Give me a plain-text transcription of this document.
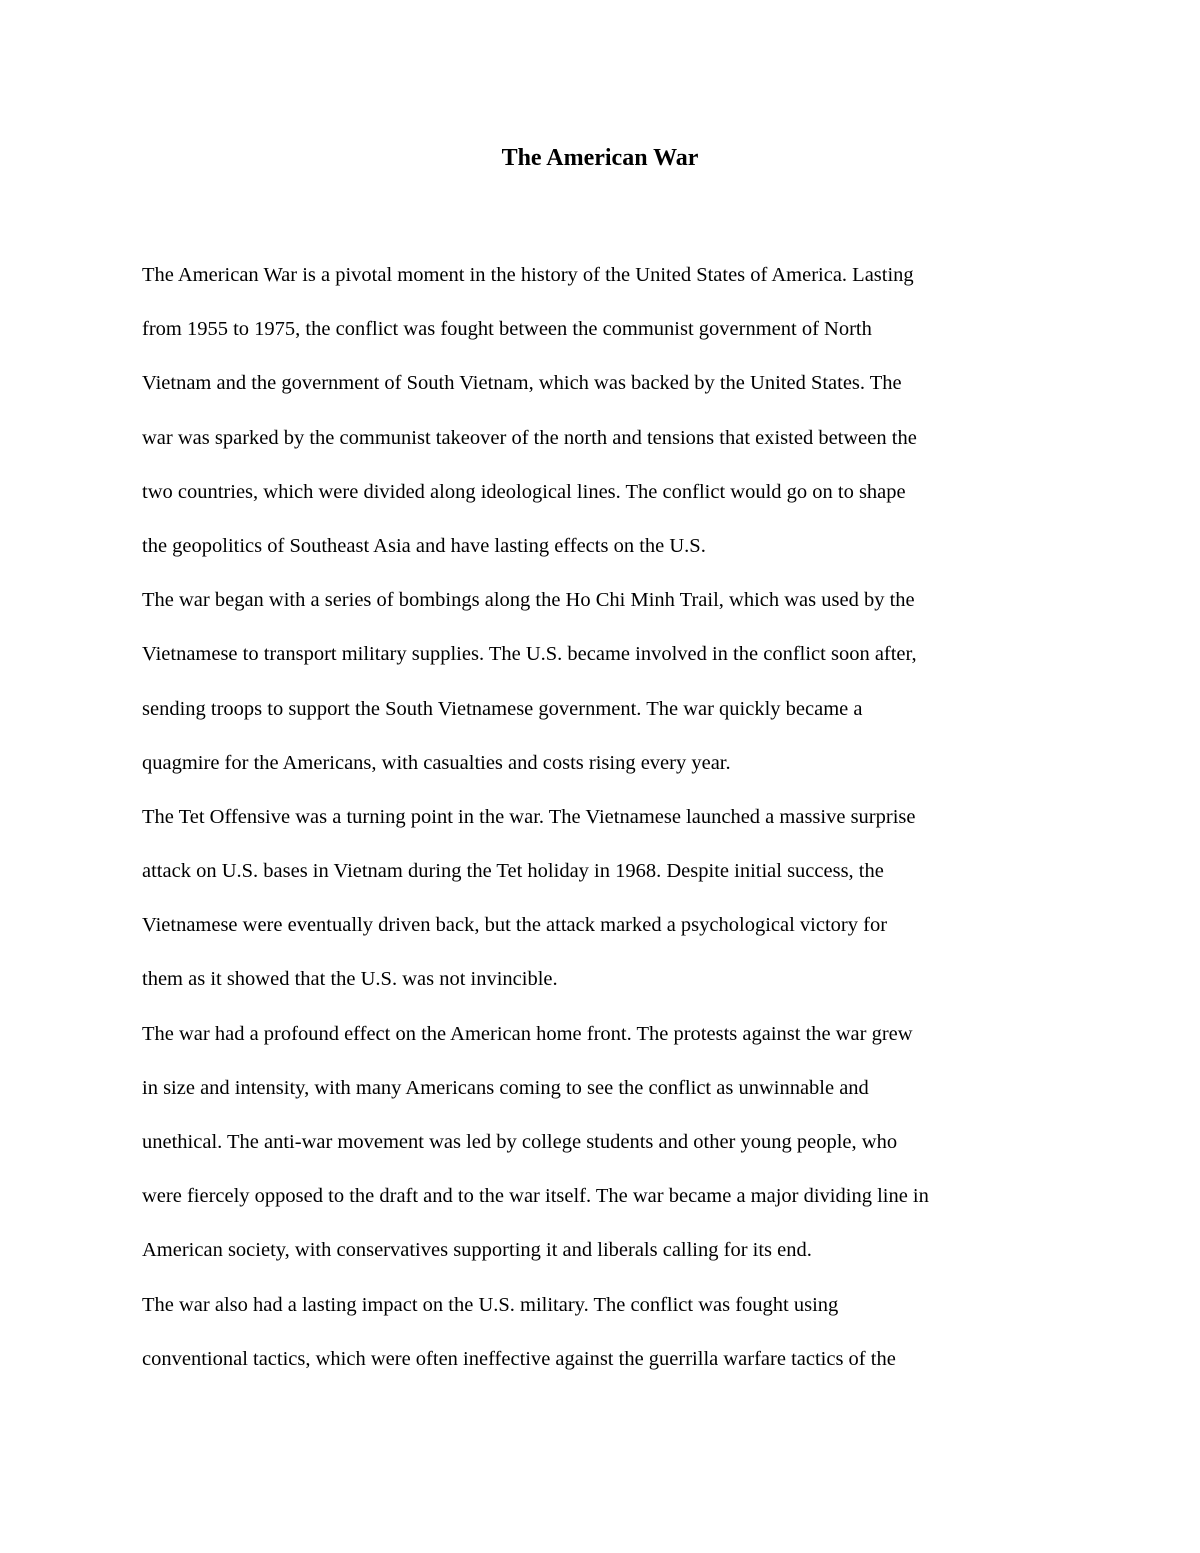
The American War
The American War is a pivotal moment in the history of the United States of America. Lasting
from 1955 to 1975, the conflict was fought between the communist government of North
Vietnam and the government of South Vietnam, which was backed by the United States. The
war was sparked by the communist takeover of the north and tensions that existed between the
two countries, which were divided along ideological lines. The conflict would go on to shape
the geopolitics of Southeast Asia and have lasting effects on the U.S.
The war began with a series of bombings along the Ho Chi Minh Trail, which was used by the
Vietnamese to transport military supplies. The U.S. became involved in the conflict soon after,
sending troops to support the South Vietnamese government. The war quickly became a
quagmire for the Americans, with casualties and costs rising every year.
The Tet Offensive was a turning point in the war. The Vietnamese launched a massive surprise
attack on U.S. bases in Vietnam during the Tet holiday in 1968. Despite initial success, the
Vietnamese were eventually driven back, but the attack marked a psychological victory for
them as it showed that the U.S. was not invincible.
The war had a profound effect on the American home front. The protests against the war grew
in size and intensity, with many Americans coming to see the conflict as unwinnable and
unethical. The anti-war movement was led by college students and other young people, who
were fiercely opposed to the draft and to the war itself. The war became a major dividing line in
American society, with conservatives supporting it and liberals calling for its end.
The war also had a lasting impact on the U.S. military. The conflict was fought using
conventional tactics, which were often ineffective against the guerrilla warfare tactics of the
